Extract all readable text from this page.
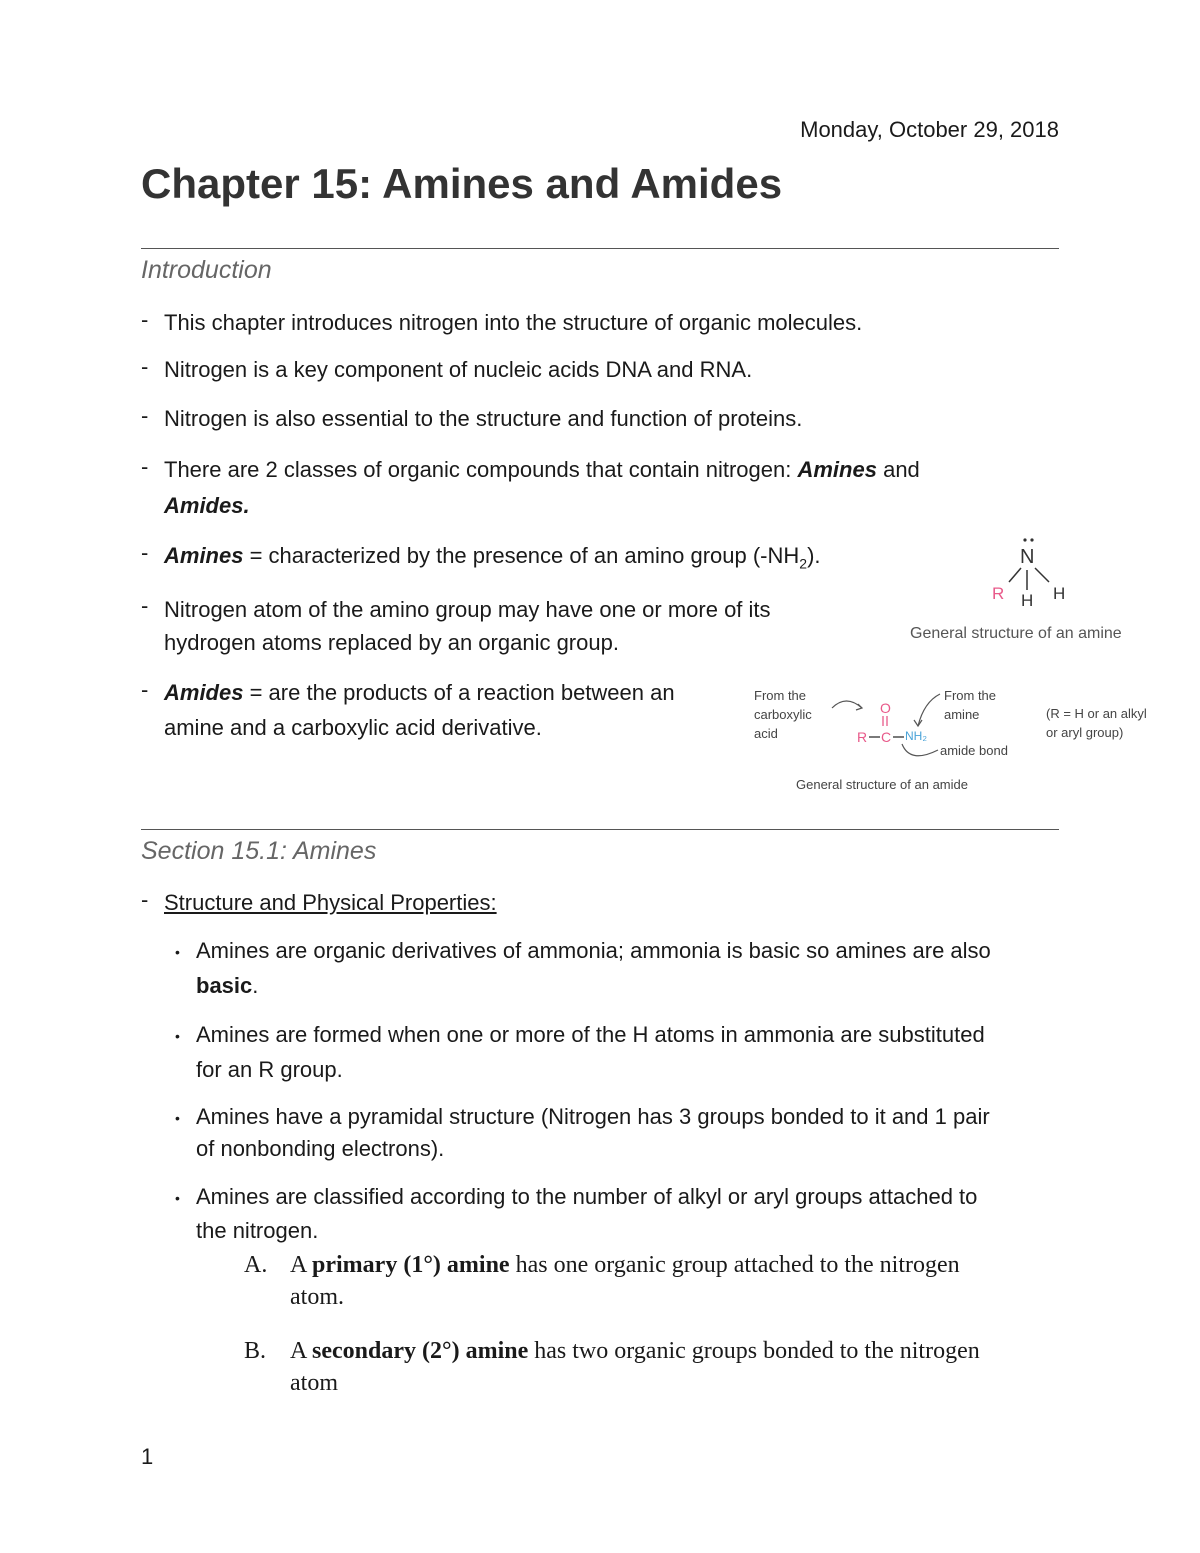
Monday, October 29, 2018
Chapter 15: Amines and Amides
Introduction
- This chapter introduces nitrogen into the structure of organic molecules.
- Nitrogen is a key component of nucleic acids DNA and RNA.
- Nitrogen is also essential to the structure and function of proteins.
- There are 2 classes of organic compounds that contain nitrogen: Amines and
Amides.
- Amines = characterized by the presence of an amino group $(-NH_2)$.
- Nitrogen atom of the amino group may have one or more of its
hydrogen atoms replaced by an organic group.
- Amides = are the products of a reaction between an
amine and a carboxylic acid derivative.
N
R H H
General structure of an amine
From the
carboxylic
acid
O
R C NH₂
From the
amine
amide bond
(R = H or an alkyl
or aryl group)
General structure of an amide
Section 15.1: Amines
- Structure and Physical Properties:
• Amines are organic derivatives of ammonia; ammonia is basic so amines are also
basic.
• Amines are formed when one or more of the H atoms in ammonia are substituted
for an R group.
• Amines have a pyramidal structure (Nitrogen has 3 groups bonded to it and 1 pair
of nonbonding electrons).
• Amines are classified according to the number of alkyl or aryl groups attached to
the nitrogen.
A. A primary (1°) amine has one organic group attached to the nitrogen
atom.
B. A secondary (2°) amine has two organic groups bonded to the nitrogen
atom
1
